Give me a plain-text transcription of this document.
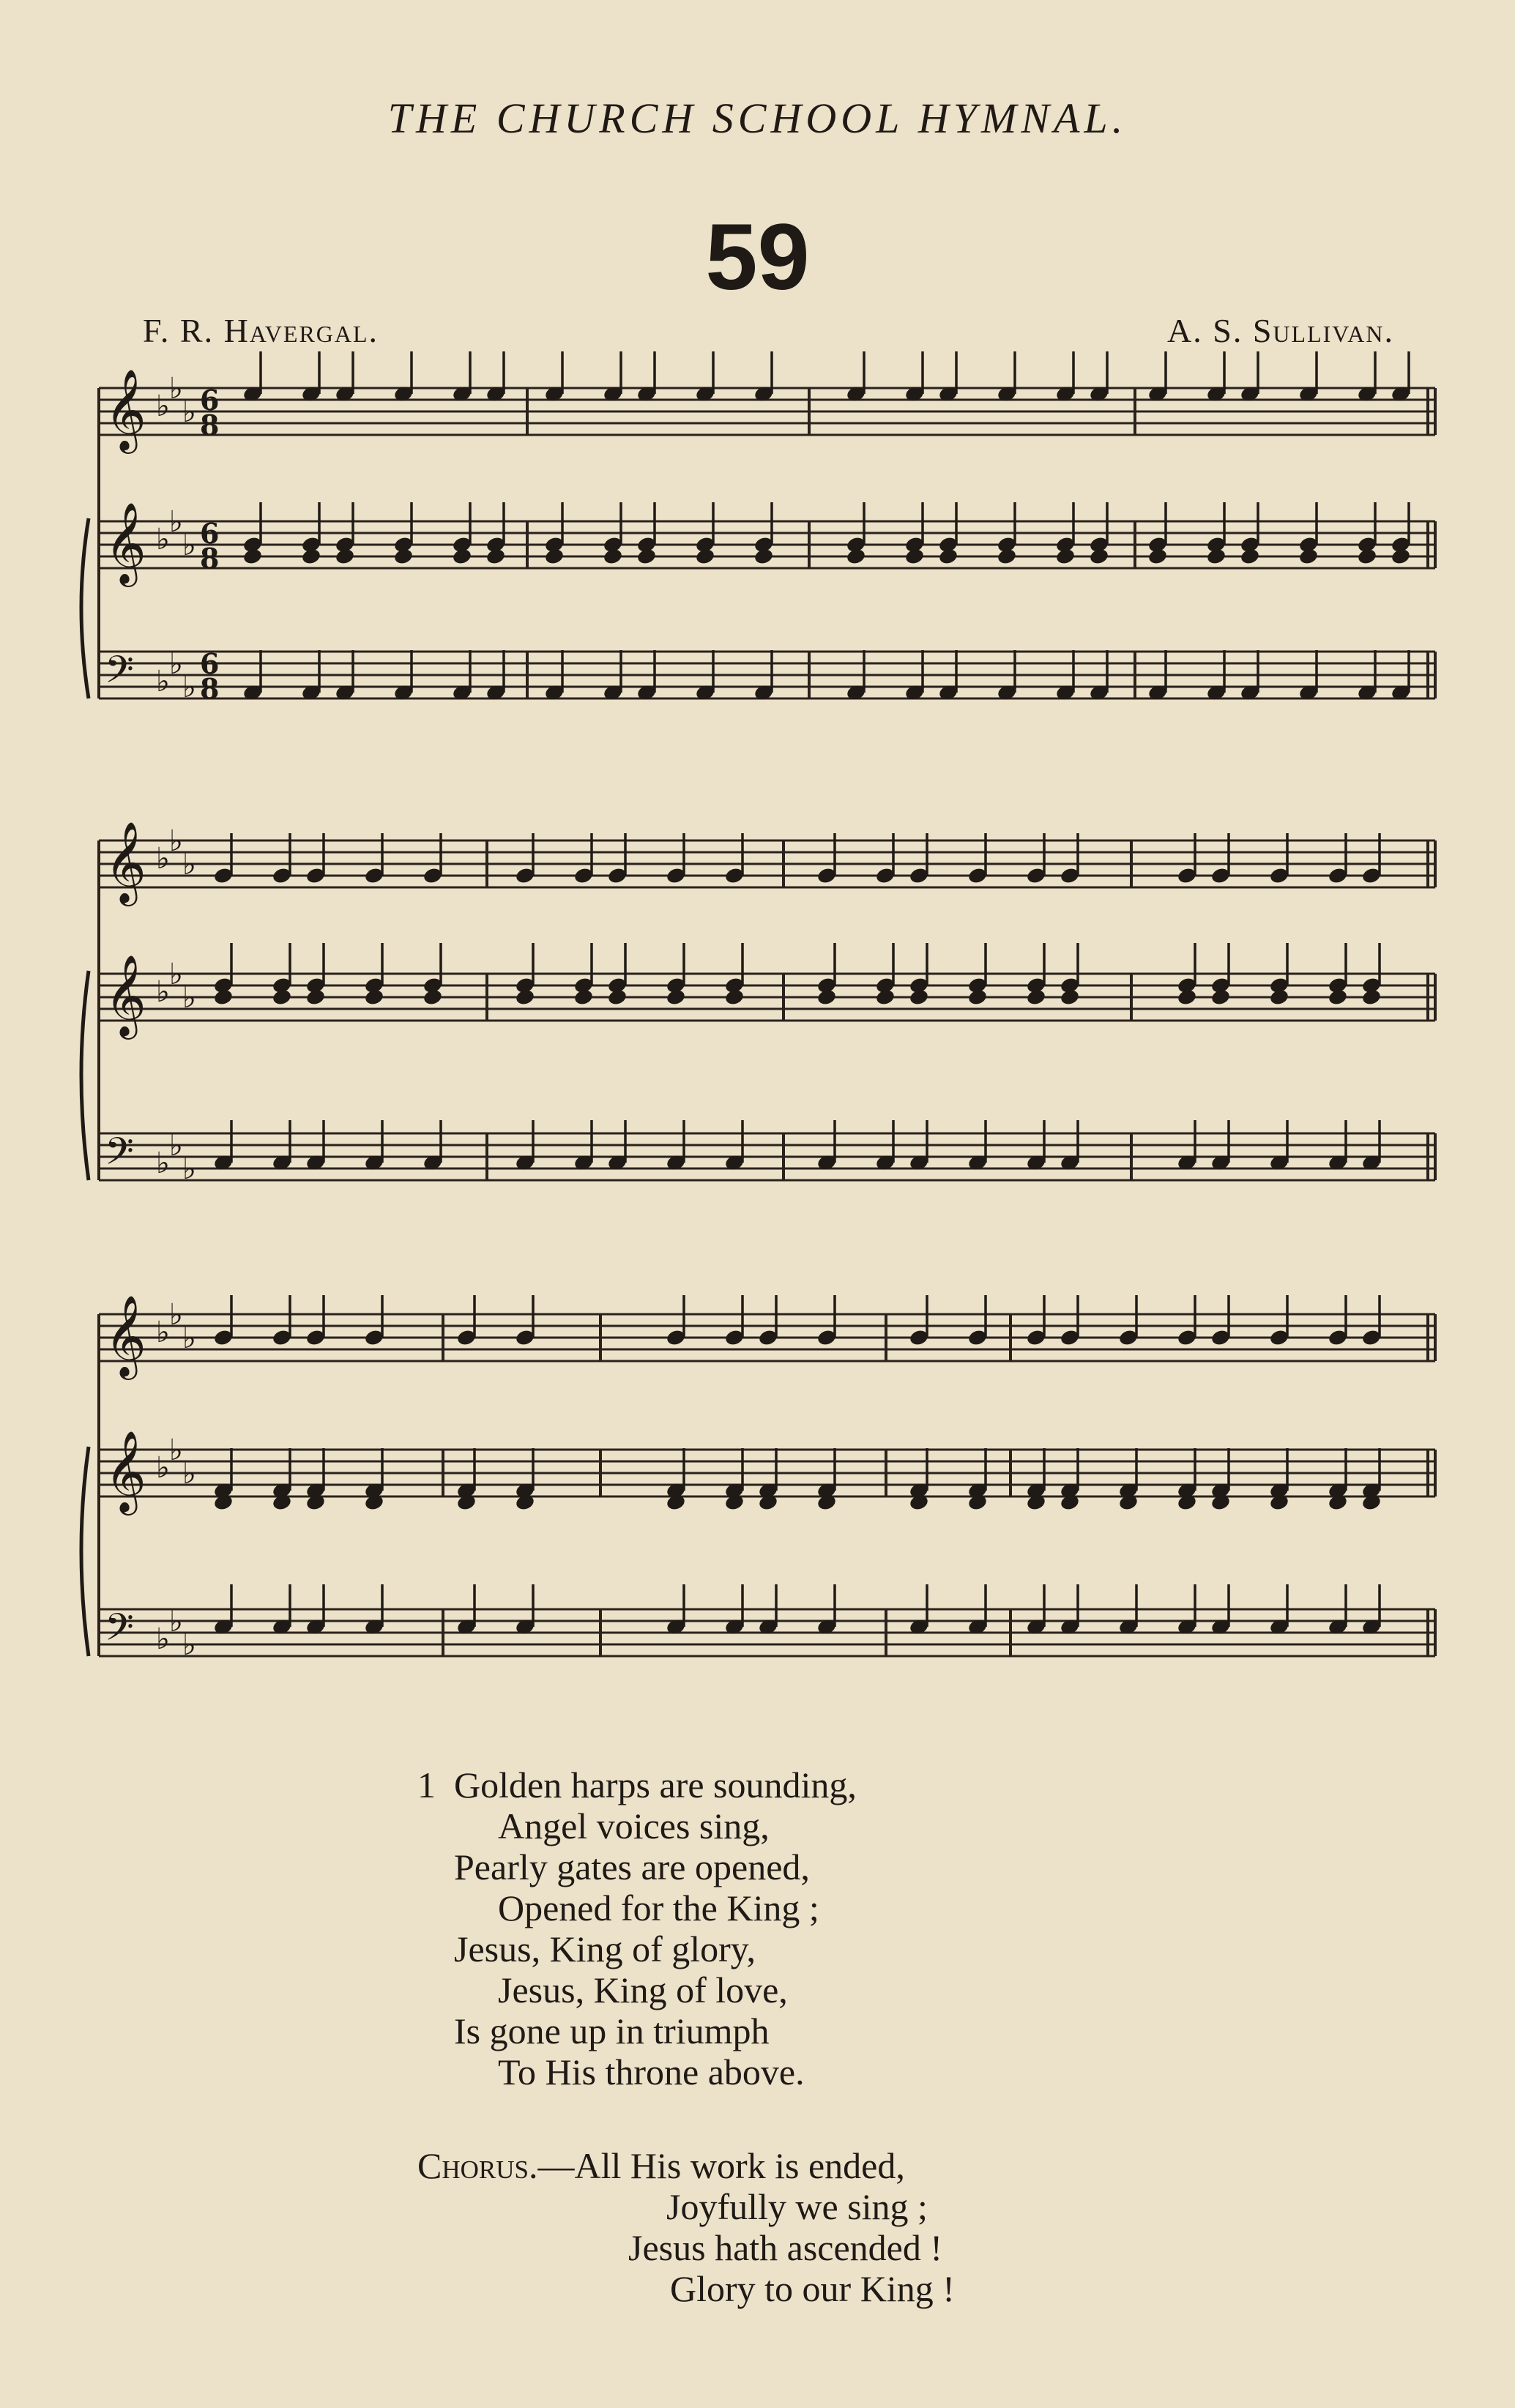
THE CHURCH SCHOOL HYMNAL.
59
F. R. Havergal.	A. S. Sullivan.
𝄞 ♭
♭
♭ 6
8
𝄞 ♭
♭
♭ 6
8
𝄢 ♭
♭
♭
6
8
𝄞 ♭
♭
♭
𝄞 ♭
♭
♭
𝄢 ♭
♭
♭
𝄞 ♭
♭
♭
𝄞 ♭
♭
♭
𝄢 ♭
♭
♭
1 Golden harps are sounding,
Angel voices sing,
Pearly gates are opened,
Opened for the King ;
Jesus, King of glory,
Jesus, King of love,
Is gone up in triumph
To His throne above.
Chorus.—All His work is ended,
Joyfully we sing ;
Jesus hath ascended !
Glory to our King !
